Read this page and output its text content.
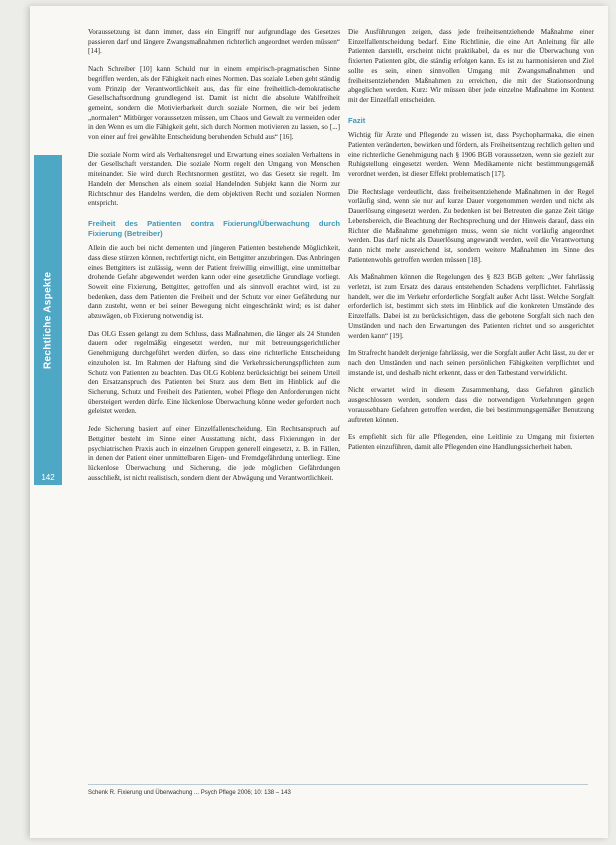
Rechtliche Aspekte
142

Voraussetzung ist dann immer, dass ein Eingriff nur aufgrundlage des Gesetzes passieren darf und längere Zwangsmaßnahmen richterlich angeordnet werden müssen“ [14].

Nach Schreiber [10] kann Schuld nur in einem empirisch-pragmatischen Sinne begriffen werden, als der Fähigkeit nach eines Normen. Das soziale Leben geht ständig vom Prinzip der Verantwortlichkeit aus, das für eine freiheitlich-demokratische Gesellschaftsordnung grundlegend ist. Damit ist nicht die absolute Wahlfreiheit gemeint, sondern die Motivierbarkeit durch soziale Normen, die wir bei jedem „normalen“ Mitbürger voraussetzen müssen, um Chaos und Gewalt zu vermeiden oder in den Wenn es um die Fähigkeit geht, sich durch Normen motivieren zu lassen, so [...] von einer auf frei gewählte Entscheidung beruhenden Schuld aus“ [16].

Die soziale Norm wird als Verhaltensregel und Erwartung eines sozialen Verhaltens in der Gesellschaft verstanden. Die soziale Norm regelt den Umgang von Menschen miteinander. Sie wird durch Rechtsnormen gestützt, wo das Gesetz sie regelt. Im Handeln der Menschen als einem sozial Handelnden Subjekt kann die Norm zur Richtschnur des Handelns werden, die dem objektiven Recht und sozialen Normen entspricht.

Freiheit des Patienten contra Fixierung/Überwachung durch Fixierung (Betreiber)

Allein die auch bei nicht dementen und jüngeren Patienten bestehende Möglichkeit, dass diese stürzen können, rechtfertigt nicht, ein Bettgitter anzubringen. Das Anbringen eines Bettgitters ist zulässig, wenn der Patient freiwillig einwilligt, eine unmittelbar drohende Gefahr abgewendet werden kann oder eine gesetzliche Grundlage vorliegt. Soweit eine Fixierung, Bettgitter, getroffen und als sinnvoll erachtet wird, ist zu bedenken, dass dem Patienten die Freiheit und der Schutz vor einer Gefährdung nur dann zusteht, wenn er bei seiner Bewegung nicht eingeschränkt wird; es ist daher abzuwägen, ob Fixierung notwendig ist.

Das OLG Essen gelangt zu dem Schluss, dass Maßnahmen, die länger als 24 Stunden dauern oder regelmäßig eingesetzt werden, nur mit betreuungsgerichtlicher Genehmigung durchgeführt werden dürfen, so dass eine richterliche Entscheidung einzuholen ist. Im Rahmen der Haftung sind die Verkehrssicherungspflichten zum Schutz von Patienten zu beachten. Das OLG Koblenz berücksichtigt bei seinem Urteil den Ersatzanspruch des Patienten bei Sturz aus dem Bett im Hinblick auf die Sicherung, Schutz und Freiheit des Patienten, wobei Pflege den Anforderungen nicht übersteigert werden dürfe. Eine lückenlose Überwachung könne weder gefordert noch geleistet werden.

Jede Sicherung basiert auf einer Einzelfallentscheidung. Ein Rechtsanspruch auf Bettgitter besteht im Sinne einer Ausstattung nicht, dass Fixierungen in der psychiatrischen Praxis auch in einzelnen Gruppen generell eingesetzt, z. B. in Fällen, in denen der Patient einer unmittelbaren Eigen- und Fremdgefährdung unterliegt. Eine lückenlose Überwachung und Sicherung, die jede möglichen Gefährdungen ausschließt, ist nicht realistisch, sondern dient der Abwägung und Verantwortlichkeit.

Die Ausführungen zeigen, dass jede freiheitsentziehende Maßnahme einer Einzelfallentscheidung bedarf. Eine Richtlinie, die eine Art Anleitung für alle Patienten darstellt, erscheint nicht praktikabel, da es nur die Überwachung von fixierten Patienten gibt, die ständig erfolgen kann. Es ist zu harmonisieren und Ziel sollte es sein, einen sinnvollen Umgang mit Zwangsmaßnahmen und freiheitsentziehenden Maßnahmen zu erreichen, die mit der Stationsordnung abgeglichen werden. Kurz: Wir müssen über jede einzelne Maßnahme im Kontext mit der Einzelfall entscheiden.

Fazit

Wichtig für Ärzte und Pflegende zu wissen ist, dass Psychopharmaka, die einen Patienten veränderten, bewirken und fördern, als Freiheitsentzug rechtlich gelten und eine richterliche Genehmigung nach § 1906 BGB voraussetzen, wenn sie gezielt zur Ruhigstellung eingesetzt werden. Wenn Medikamente nicht bestimmungsgemäß verordnet werden, ist dieser Effekt problematisch [17].

Die Rechtslage verdeutlicht, dass freiheitsentziehende Maßnahmen in der Regel vorläufig sind, wenn sie nur auf kurze Dauer vorgenommen werden und nicht als Dauerlösung eingesetzt werden. Zu bedenken ist bei Betreuten die ganze Zeit tätige Lebensbereich, die Beachtung der Rechtsprechung und der Hinweis darauf, dass ein Richter die Maßnahme genehmigen muss, wenn sie nicht vorläufig angeordnet werden. Das darf nicht als Dauerlösung angewandt werden, weil die Verantwortung dann nicht mehr ausreichend ist, sondern weitere Maßnahmen im Sinne des Patientenwohls getroffen werden müssen [18].

Als Maßnahmen können die Regelungen des § 823 BGB gelten: „Wer fahrlässig verletzt, ist zum Ersatz des daraus entstehenden Schadens verpflichtet. Fahrlässig handelt, wer die im Verkehr erforderliche Sorgfalt außer Acht lässt. Welche Sorgfalt erforderlich ist, bestimmt sich stets im Hinblick auf die konkreten Umstände des Einzelfalls. Dabei ist zu berücksichtigen, dass die gebotene Sorgfalt sich nach den Umständen und nach den Erwartungen des Patienten richtet und so ausgerichtet werden kann“ [19].

Im Strafrecht handelt derjenige fahrlässig, wer die Sorgfalt außer Acht lässt, zu der er nach den Umständen und nach seinen persönlichen Fähigkeiten verpflichtet und imstande ist, und deshalb nicht erkennt, dass er den Tatbestand verwirklicht.

Nicht erwartet wird in diesem Zusammenhang, dass Gefahren gänzlich ausgeschlossen werden, sondern dass die notwendigen Vorkehrungen gegen voraussehbare Gefahren getroffen werden, die bei bestimmungsgemäßer Benutzung auftreten können.

Es empfiehlt sich für alle Pflegenden, eine Leitlinie zu Umgang mit fixierten Patienten einzuführen, damit alle Pflegenden eine Handlungssicherheit haben.

Schenk R. Fixierung und Überwachung ... Psych Pflege 2006; 10: 138 – 143
